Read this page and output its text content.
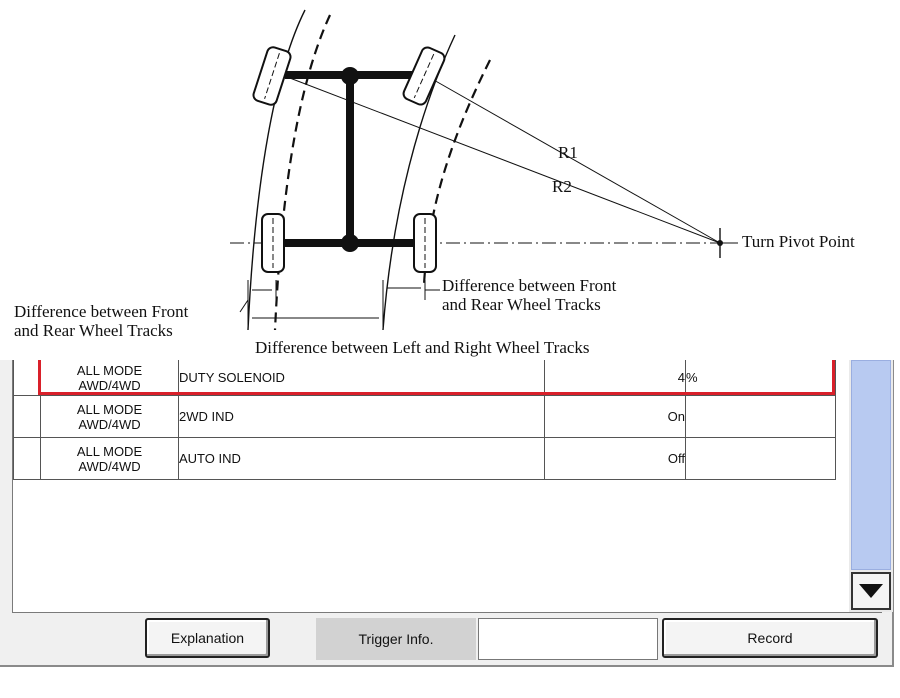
R1
R2
Turn Pivot Point
Difference between Front
and Rear Wheel Tracks
Difference between Front
and Rear Wheel Tracks
Difference between Left and Right Wheel Tracks

	ALL MODE
AWD/4WD	DUTY SOLENOID	4	%

	ALL MODE
AWD/4WD	2WD IND	On	

	ALL MODE
AWD/4WD	AUTO IND	Off	
Explanation	Trigger Info.	Record
